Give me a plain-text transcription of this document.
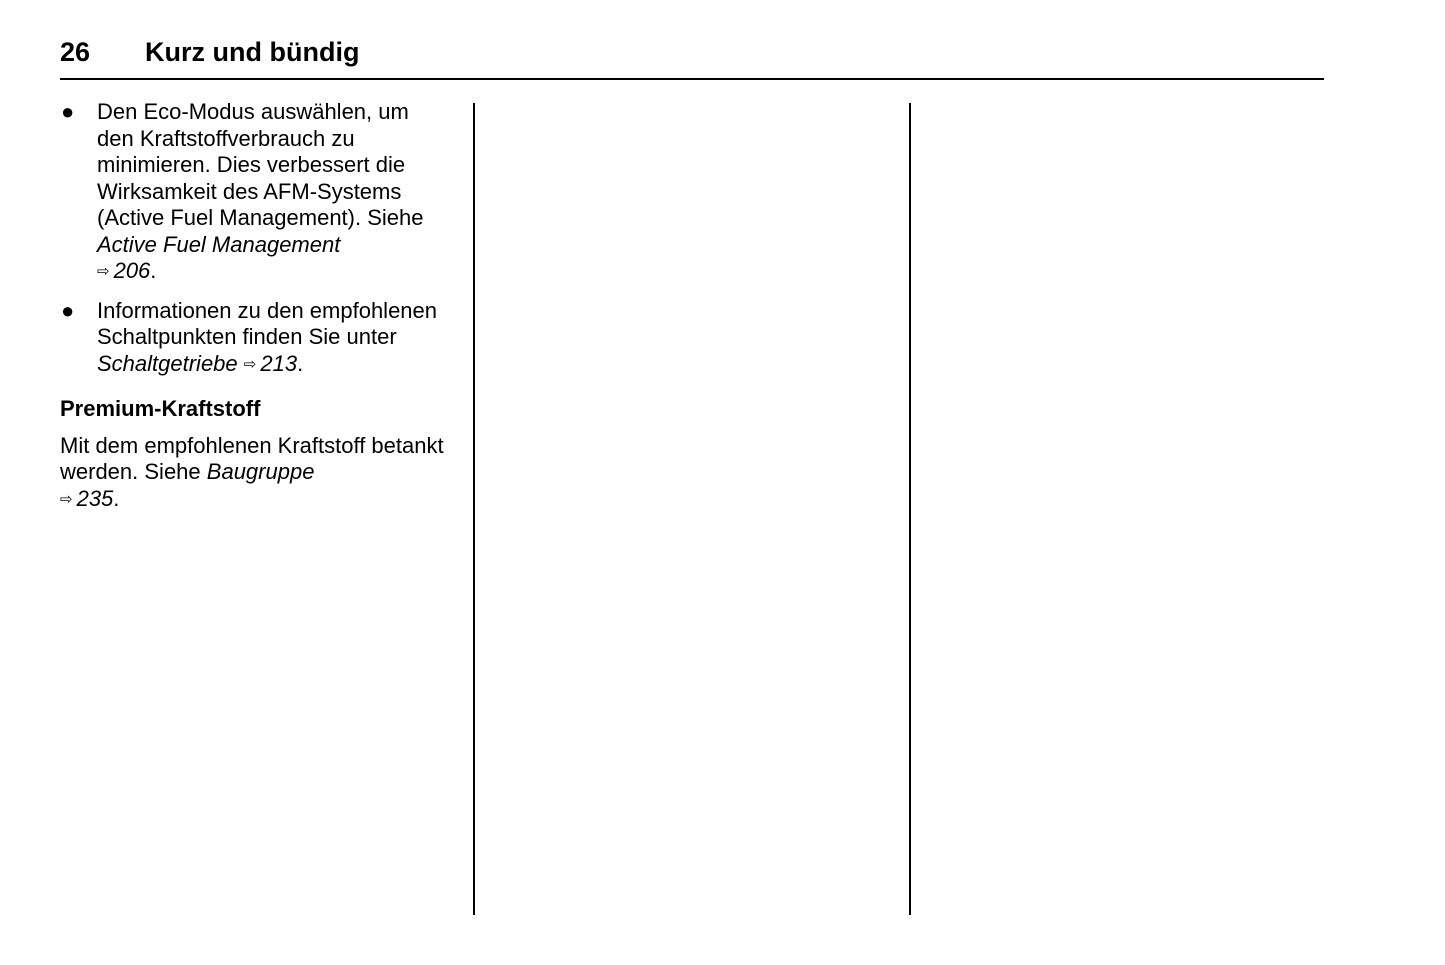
26 Kurz und bündig
● Den Eco-Modus auswählen, um den Kraftstoffverbrauch zu minimieren. Dies verbessert die Wirksamkeit des AFM-Systems (Active Fuel Management). Siehe Active Fuel Management
⇨ 206.
● Informationen zu den empfohlenen Schaltpunkten finden Sie unter Schaltgetriebe ⇨ 213.
Premium-Kraftstoff

Mit dem empfohlenen Kraftstoff betankt werden. Siehe Baugruppe
⇨ 235.
